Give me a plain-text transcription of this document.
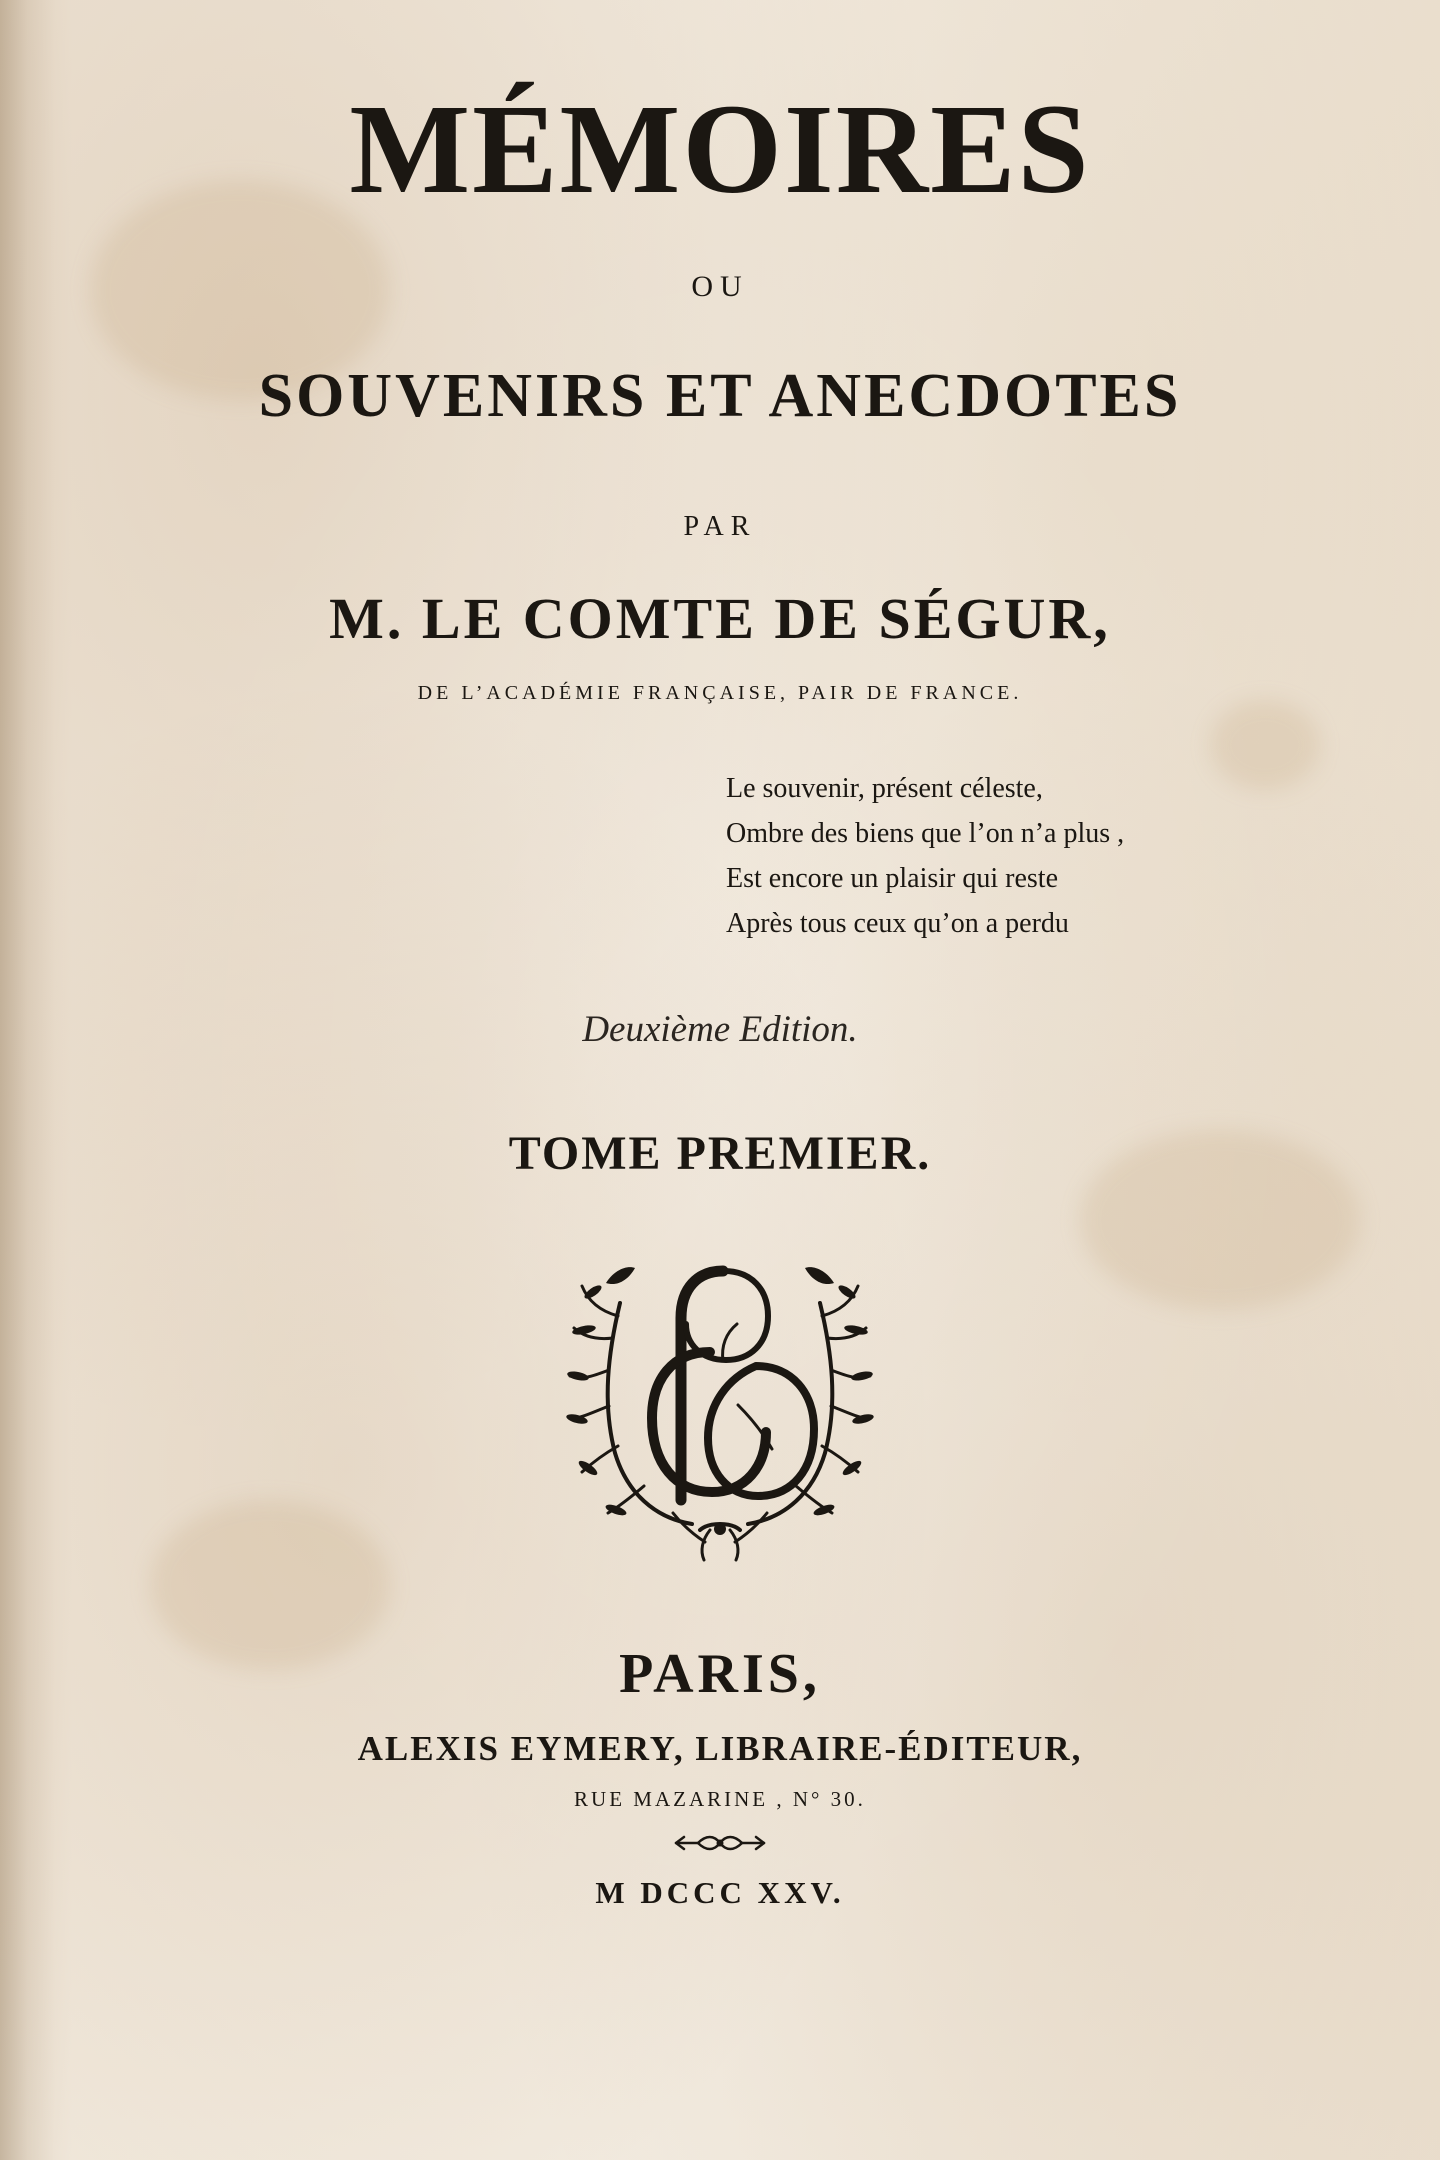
MÉMOIRES
OU
SOUVENIRS ET ANECDOTES
PAR
M. LE COMTE DE SÉGUR,
DE L’ACADÉMIE FRANÇAISE, PAIR DE FRANCE.
Le souvenir, présent céleste,
Ombre des biens que l’on n’a plus ,
Est encore un plaisir qui reste
Après tous ceux qu’on a perdu
Deuxième Edition.
TOME PREMIER.
PARIS,
ALEXIS EYMERY, LIBRAIRE-ÉDITEUR,
RUE MAZARINE , N° 30.
M DCCC XXV.
